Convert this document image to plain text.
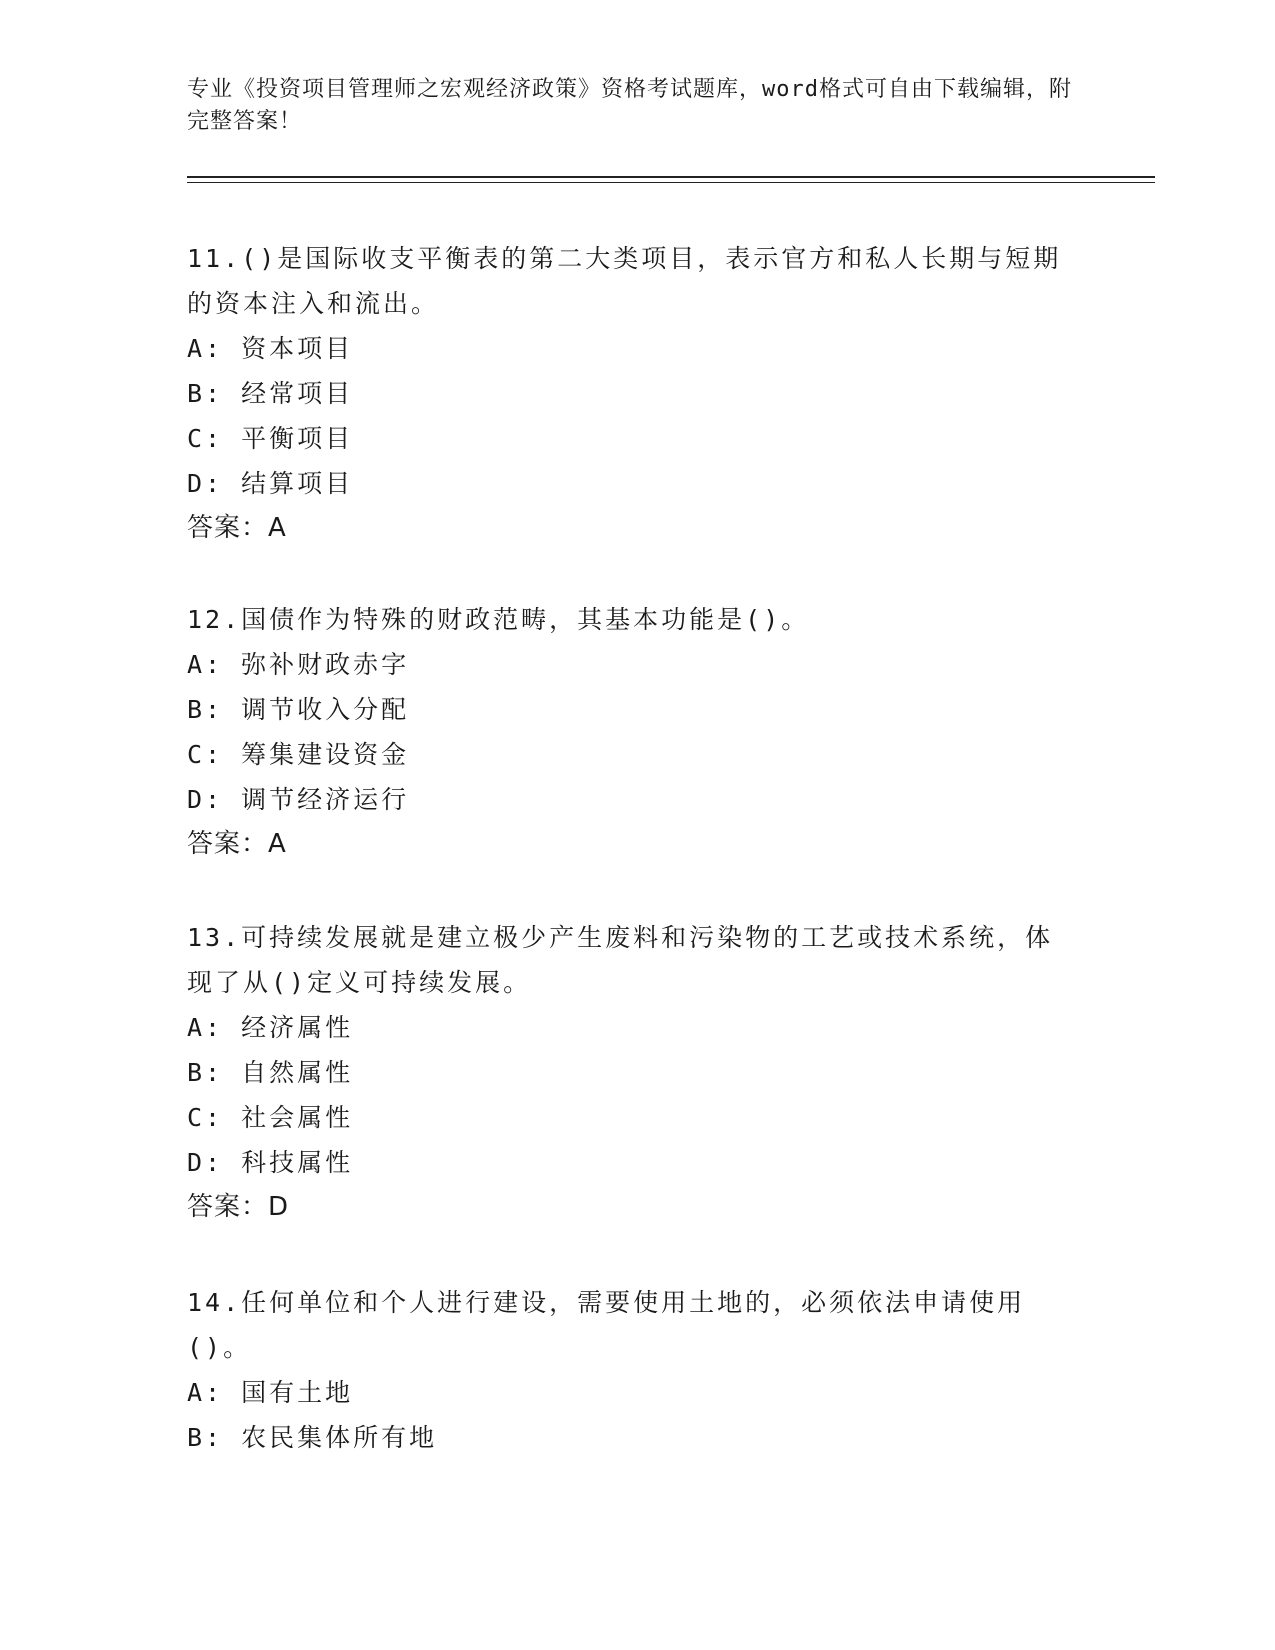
专业《投资项目管理师之宏观经济政策》资格考试题库，word格式可自由下载编辑，附完整答案！
11.()是国际收支平衡表的第二大类项目，表示官方和私人长期与短期的资本注入和流出。
A: 资本项目
B: 经常项目
C: 平衡项目
D: 结算项目
答案：A
12.国债作为特殊的财政范畴，其基本功能是()。
A: 弥补财政赤字
B: 调节收入分配
C: 筹集建设资金
D: 调节经济运行
答案：A
13.可持续发展就是建立极少产生废料和污染物的工艺或技术系统，体现了从()定义可持续发展。
A: 经济属性
B: 自然属性
C: 社会属性
D: 科技属性
答案：D
14.任何单位和个人进行建设，需要使用土地的，必须依法申请使用()。
A: 国有土地
B: 农民集体所有地
